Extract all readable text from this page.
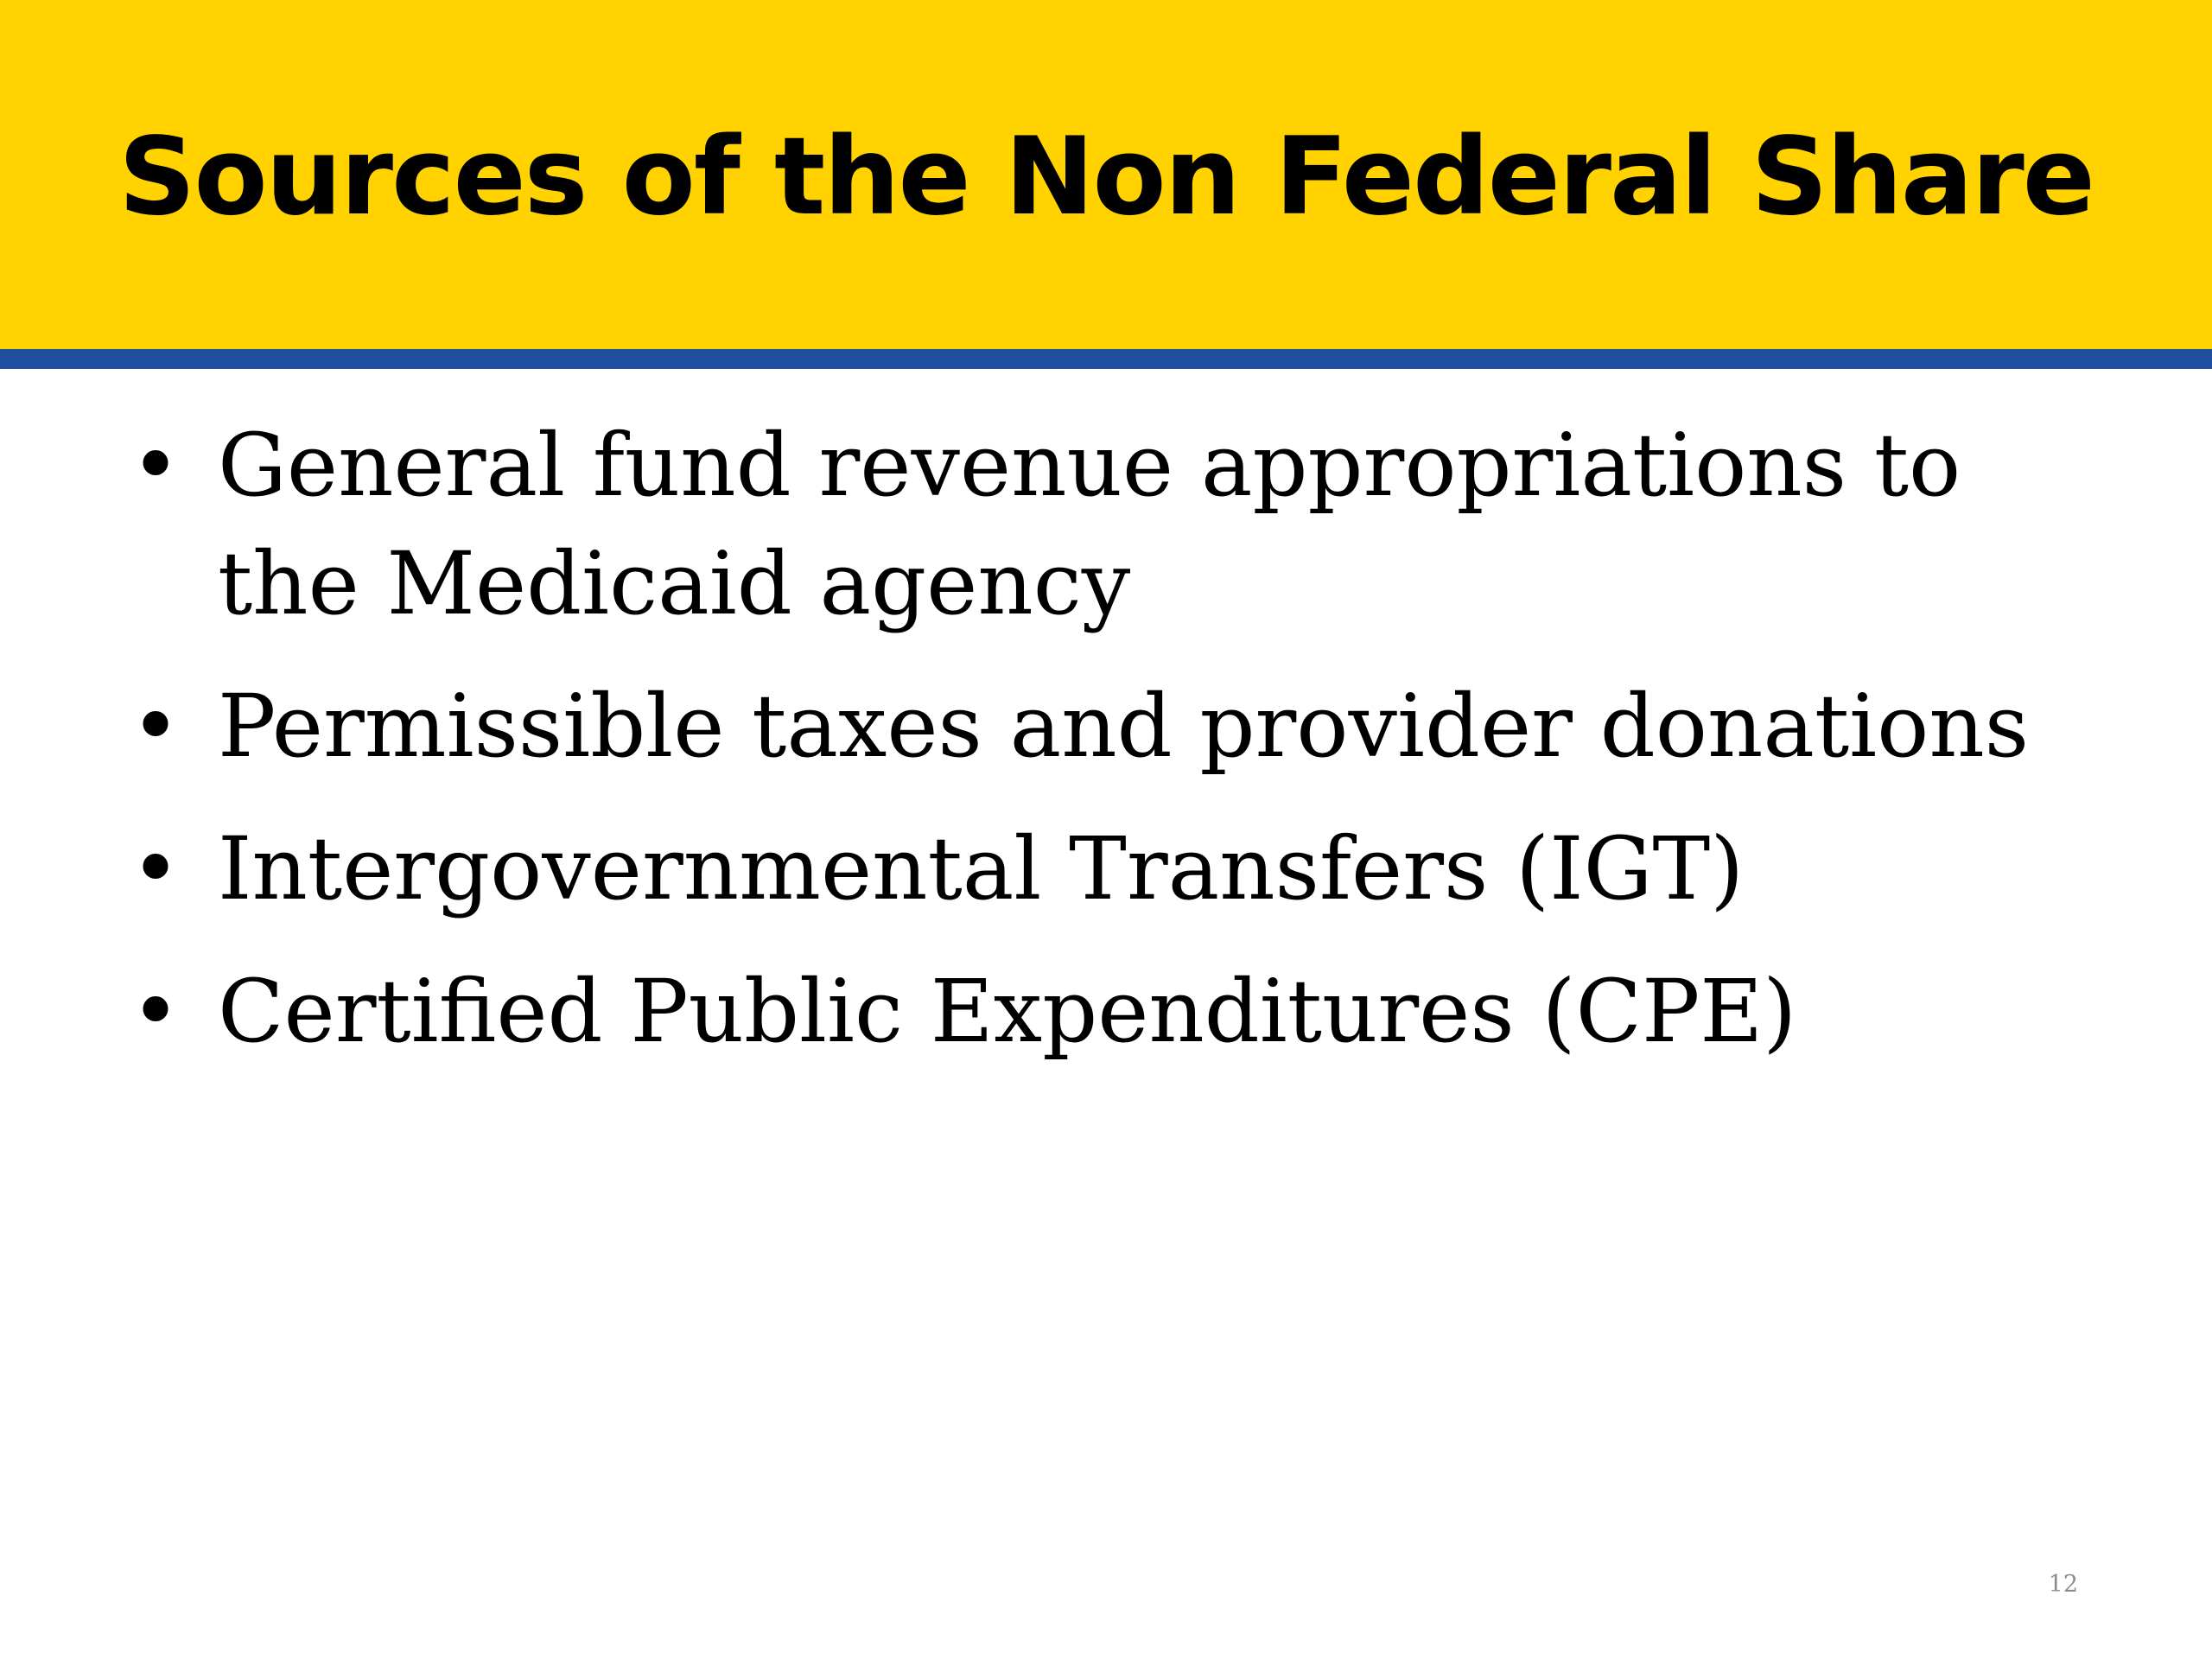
Sources of the Non Federal Share
• General fund revenue appropriations to the Medicaid agency
• Permissible taxes and provider donations
• Intergovernmental Transfers (IGT)
• Certified Public Expenditures (CPE)
12
